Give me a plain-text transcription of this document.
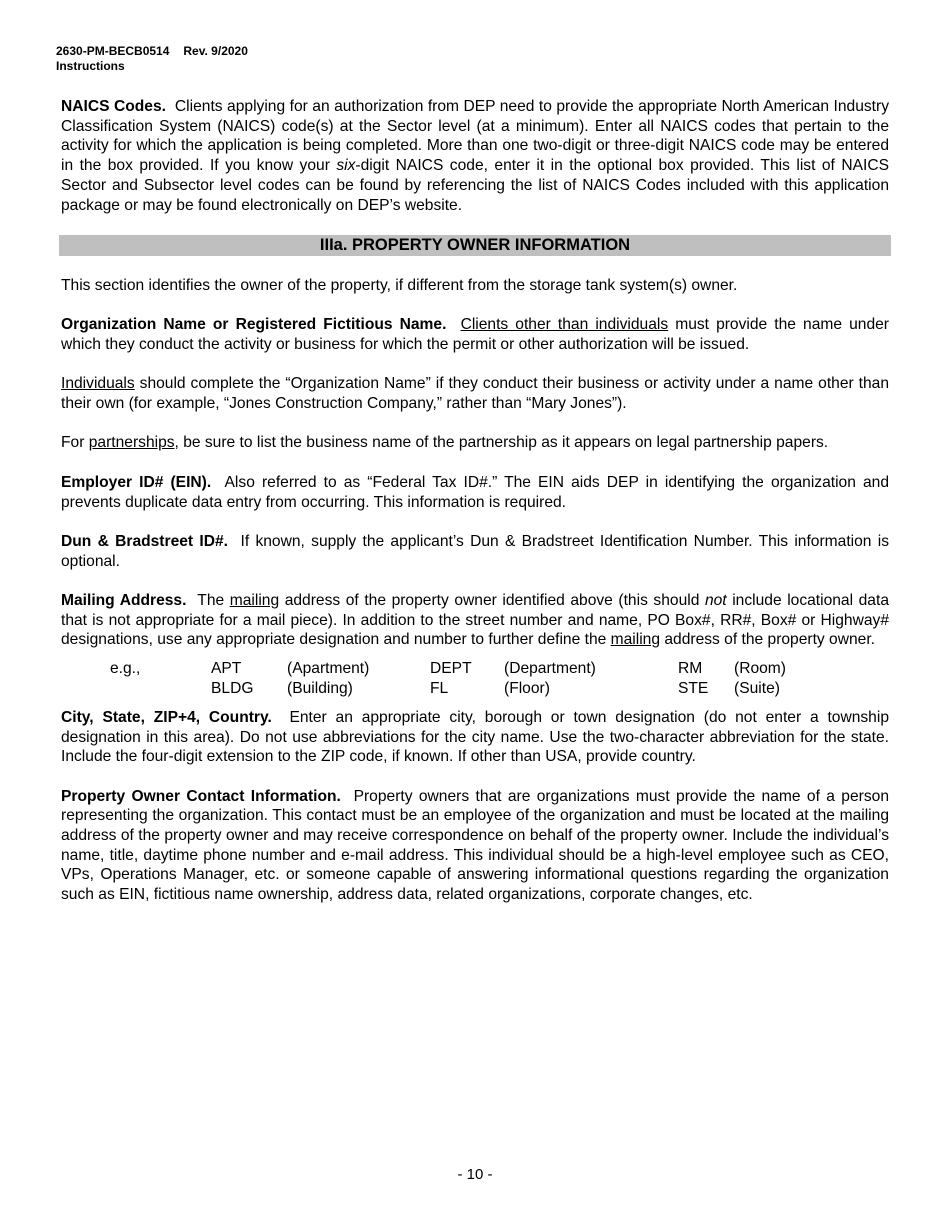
2630-PM-BECB0514 Rev. 9/2020
Instructions

NAICS Codes. Clients applying for an authorization from DEP need to provide the appropriate North American Industry Classification System (NAICS) code(s) at the Sector level (at a minimum). Enter all NAICS codes that pertain to the activity for which the application is being completed. More than one two-digit or three-digit NAICS code may be entered in the box provided. If you know your six-digit NAICS code, enter it in the optional box provided. This list of NAICS Sector and Subsector level codes can be found by referencing the list of NAICS Codes included with this application package or may be found electronically on DEP’s website.

IIIa. PROPERTY OWNER INFORMATION

This section identifies the owner of the property, if different from the storage tank system(s) owner.

Organization Name or Registered Fictitious Name. Clients other than individuals must provide the name under which they conduct the activity or business for which the permit or other authorization will be issued.

Individuals should complete the “Organization Name” if they conduct their business or activity under a name other than their own (for example, “Jones Construction Company,” rather than “Mary Jones”).

For partnerships, be sure to list the business name of the partnership as it appears on legal partnership papers.

Employer ID# (EIN). Also referred to as “Federal Tax ID#.” The EIN aids DEP in identifying the organization and prevents duplicate data entry from occurring. This information is required.

Dun & Bradstreet ID#. If known, supply the applicant’s Dun & Bradstreet Identification Number. This information is optional.

Mailing Address. The mailing address of the property owner identified above (this should not include locational data that is not appropriate for a mail piece). In addition to the street number and name, PO Box#, RR#, Box# or Highway# designations, use any appropriate designation and number to further define the mailing address of the property owner.

e.g.,	APT	(Apartment)	DEPT	(Department)	RM	(Room)
	BLDG	(Building)	FL	(Floor)	STE	(Suite)

City, State, ZIP+4, Country. Enter an appropriate city, borough or town designation (do not enter a township designation in this area). Do not use abbreviations for the city name. Use the two-character abbreviation for the state. Include the four-digit extension to the ZIP code, if known. If other than USA, provide country.

Property Owner Contact Information. Property owners that are organizations must provide the name of a person representing the organization. This contact must be an employee of the organization and must be located at the mailing address of the property owner and may receive correspondence on behalf of the property owner. Include the individual’s name, title, daytime phone number and e-mail address. This individual should be a high-level employee such as CEO, VPs, Operations Manager, etc. or someone capable of answering informational questions regarding the organization such as EIN, fictitious name ownership, address data, related organizations, corporate changes, etc.

- 10 -
